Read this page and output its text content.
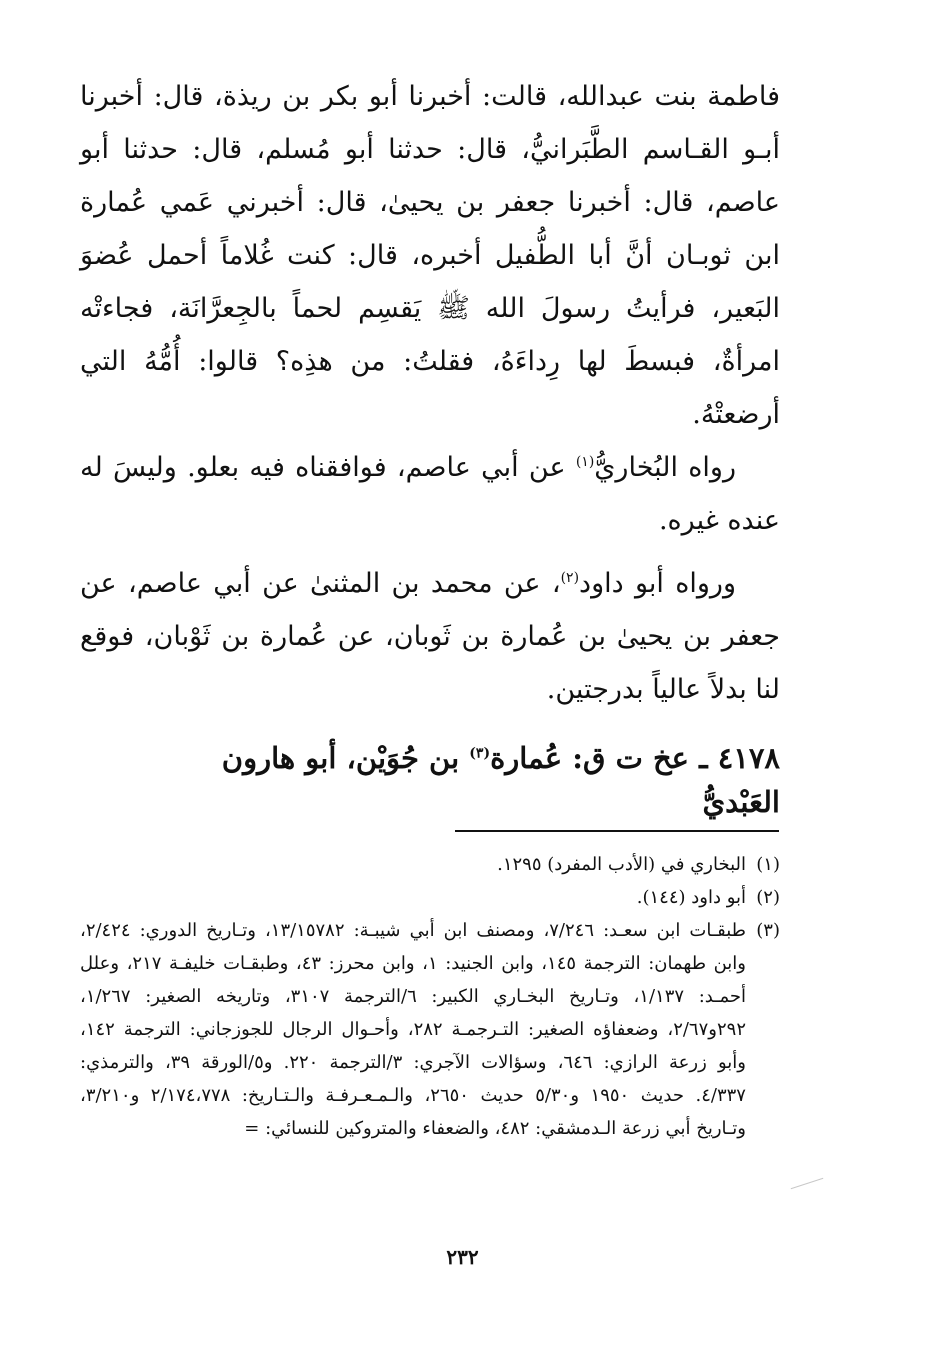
فاطمة بنت عبدالله، قالت: أخبرنا أبو بكر بن ريذة، قال: أخبرنا أبـو القـاسم الطَّبَرانيُّ، قال: حدثنا أبو مُسلم، قال: حدثنا أبو عاصم، قال: أخبرنا جعفر بن يحيىٰ، قال: أخبرني عَمي عُمارة ابن ثوبـان أنَّ أبا الطُّفيل أخبره، قال: كنت غُلاماً أحمل عُضوَ البَعير، فرأيتُ رسولَ الله ﷺ يَقسِم لحماً بالجِعرَّانَة، فجاءتْه امرأةٌ، فبسطَ لها رِداءَهُ، فقلتُ: من هذِه؟ قالوا: أُمُّهُ التي أرضعتْهُ.

رواه البُخاريُّ$^{(١)}$ عن أبي عاصم، فوافقناه فيه بعلو. وليسَ له عنده غيره.

ورواه أبو داود$^{(٢)}$، عن محمد بن المثنىٰ عن أبي عاصم، عن جعفر بن يحيىٰ بن عُمارة بن ثَوبان، عن عُمارة بن ثَوْبان، فوقع لنا بدلاً عالياً بدرجتين.

٤١٧٨ ـ عخ ت ق: عُمارة$^{(٣)}$ بن جُوَيْن، أبو هارون العَبْديُّ
(١)
البخاري في (الأدب المفرد) ١٢٩٥.
(٢)
أبو داود (١٤٤).
(٣)
طبقـات ابن سعـد: ٧/٢٤٦، ومصنف ابن أبي شيبـة: ١٣/١٥٧٨٢، وتـاريخ الدوري: ٢/٤٢٤، وابن طهمان: الترجمة ١٤٥، وابن الجنيد: ١، وابن محرز: ٤٣، وطبقـات خليفـة ٢١٧، وعلل أحمـد: ١/١٣٧، وتـاريخ البخـاري الكبير: ٦/الترجمة ٣١٠٧، وتاريخه الصغير: ١/٢٦٧، ٢٩٢و٢/٦٧، وضعفاؤه الصغير: التـرجمـة ٢٨٢، وأحـوال الرجال للجوزجاني: الترجمة ١٤٢، وأبو زرعة الرازي: ٦٤٦، وسؤالات الآجري: ٣/الترجمة ٢٢٠. و٥/الورقة ٣٩، والترمذي: ٤/٣٣٧. حديث ١٩٥٠ و٥/٣٠ حديث ٢٦٥٠، والـمـعـرفـة والـتـاريخ: ٢/١٧٤،٧٧٨ و٣/٢١٠، وتـاريخ أبي زرعة الـدمشقي: ٤٨٢، والضعفاء والمتروكين للنسائي: =
٢٣٢
